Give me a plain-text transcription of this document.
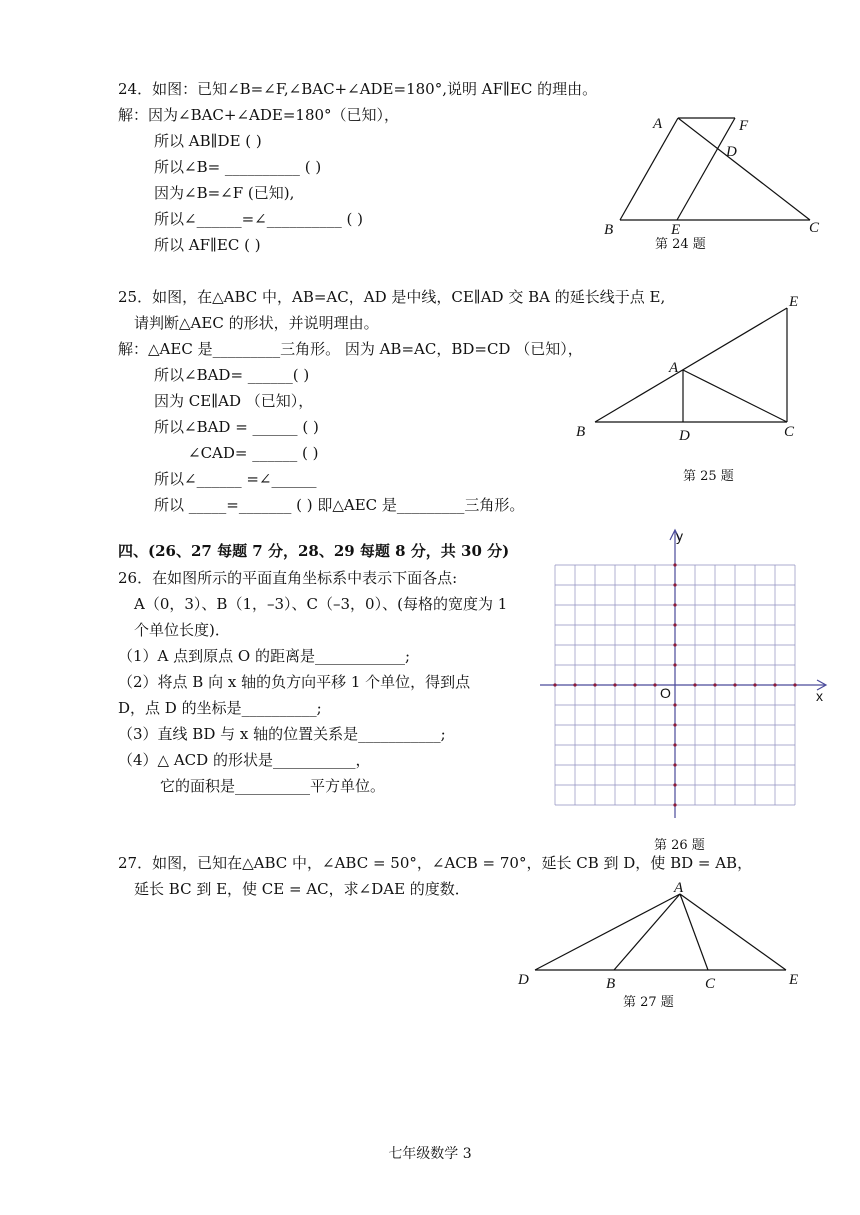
24．如图：已知∠B=∠F,∠BAC+∠ADE=180°,说明 AF∥EC 的理由。
解：因为∠BAC+∠ADE=180°（已知），
所以 AB∥DE ( )
所以∠B= __________ ( )
因为∠B=∠F (已知),
所以∠______=∠__________ ( )
所以 AF∥EC ( )
A	F
D
B	E	C
第 24 题
25．如图，在△ABC 中，AB=AC，AD 是中线，CE∥AD 交 BA 的延长线于点 E,
请判断△AEC 的形状，并说明理由。
解：△AEC 是_________三角形。 因为 AB=AC，BD=CD （已知），
所以∠BAD= ______( )
因为 CE∥AD （已知），
所以∠BAD = ______ ( )
∠CAD= ______ ( )
所以∠______ =∠______
所以 _____=_______ ( ) 即△AEC 是_________三角形。
E
A
B	D	C
第 25 题
四、(26、27 每题 7 分，28、29 每题 8 分，共 30 分)
26．在如图所示的平面直角坐标系中表示下面各点:
A（0，3）、B（1，–3）、C（–3，0）、(每格的宽度为 1
个单位长度)．
（1）A 点到原点 O 的距离是____________;
（2）将点 B 向 x 轴的负方向平移 1 个单位，得到点
D，点 D 的坐标是__________;
（3）直线 BD 与 x 轴的位置关系是___________;
（4）△ ACD 的形状是___________，
它的面积是__________平方单位。
y
x
O
第 26 题
27．如图，已知在△ABC 中，∠ABC = 50°，∠ACB = 70°，延长 CB 到 D，使 BD = AB，
延长 BC 到 E，使 CE = AC，求∠DAE 的度数．	A
D	B	C	E
第 27 题
七年级数学 3
